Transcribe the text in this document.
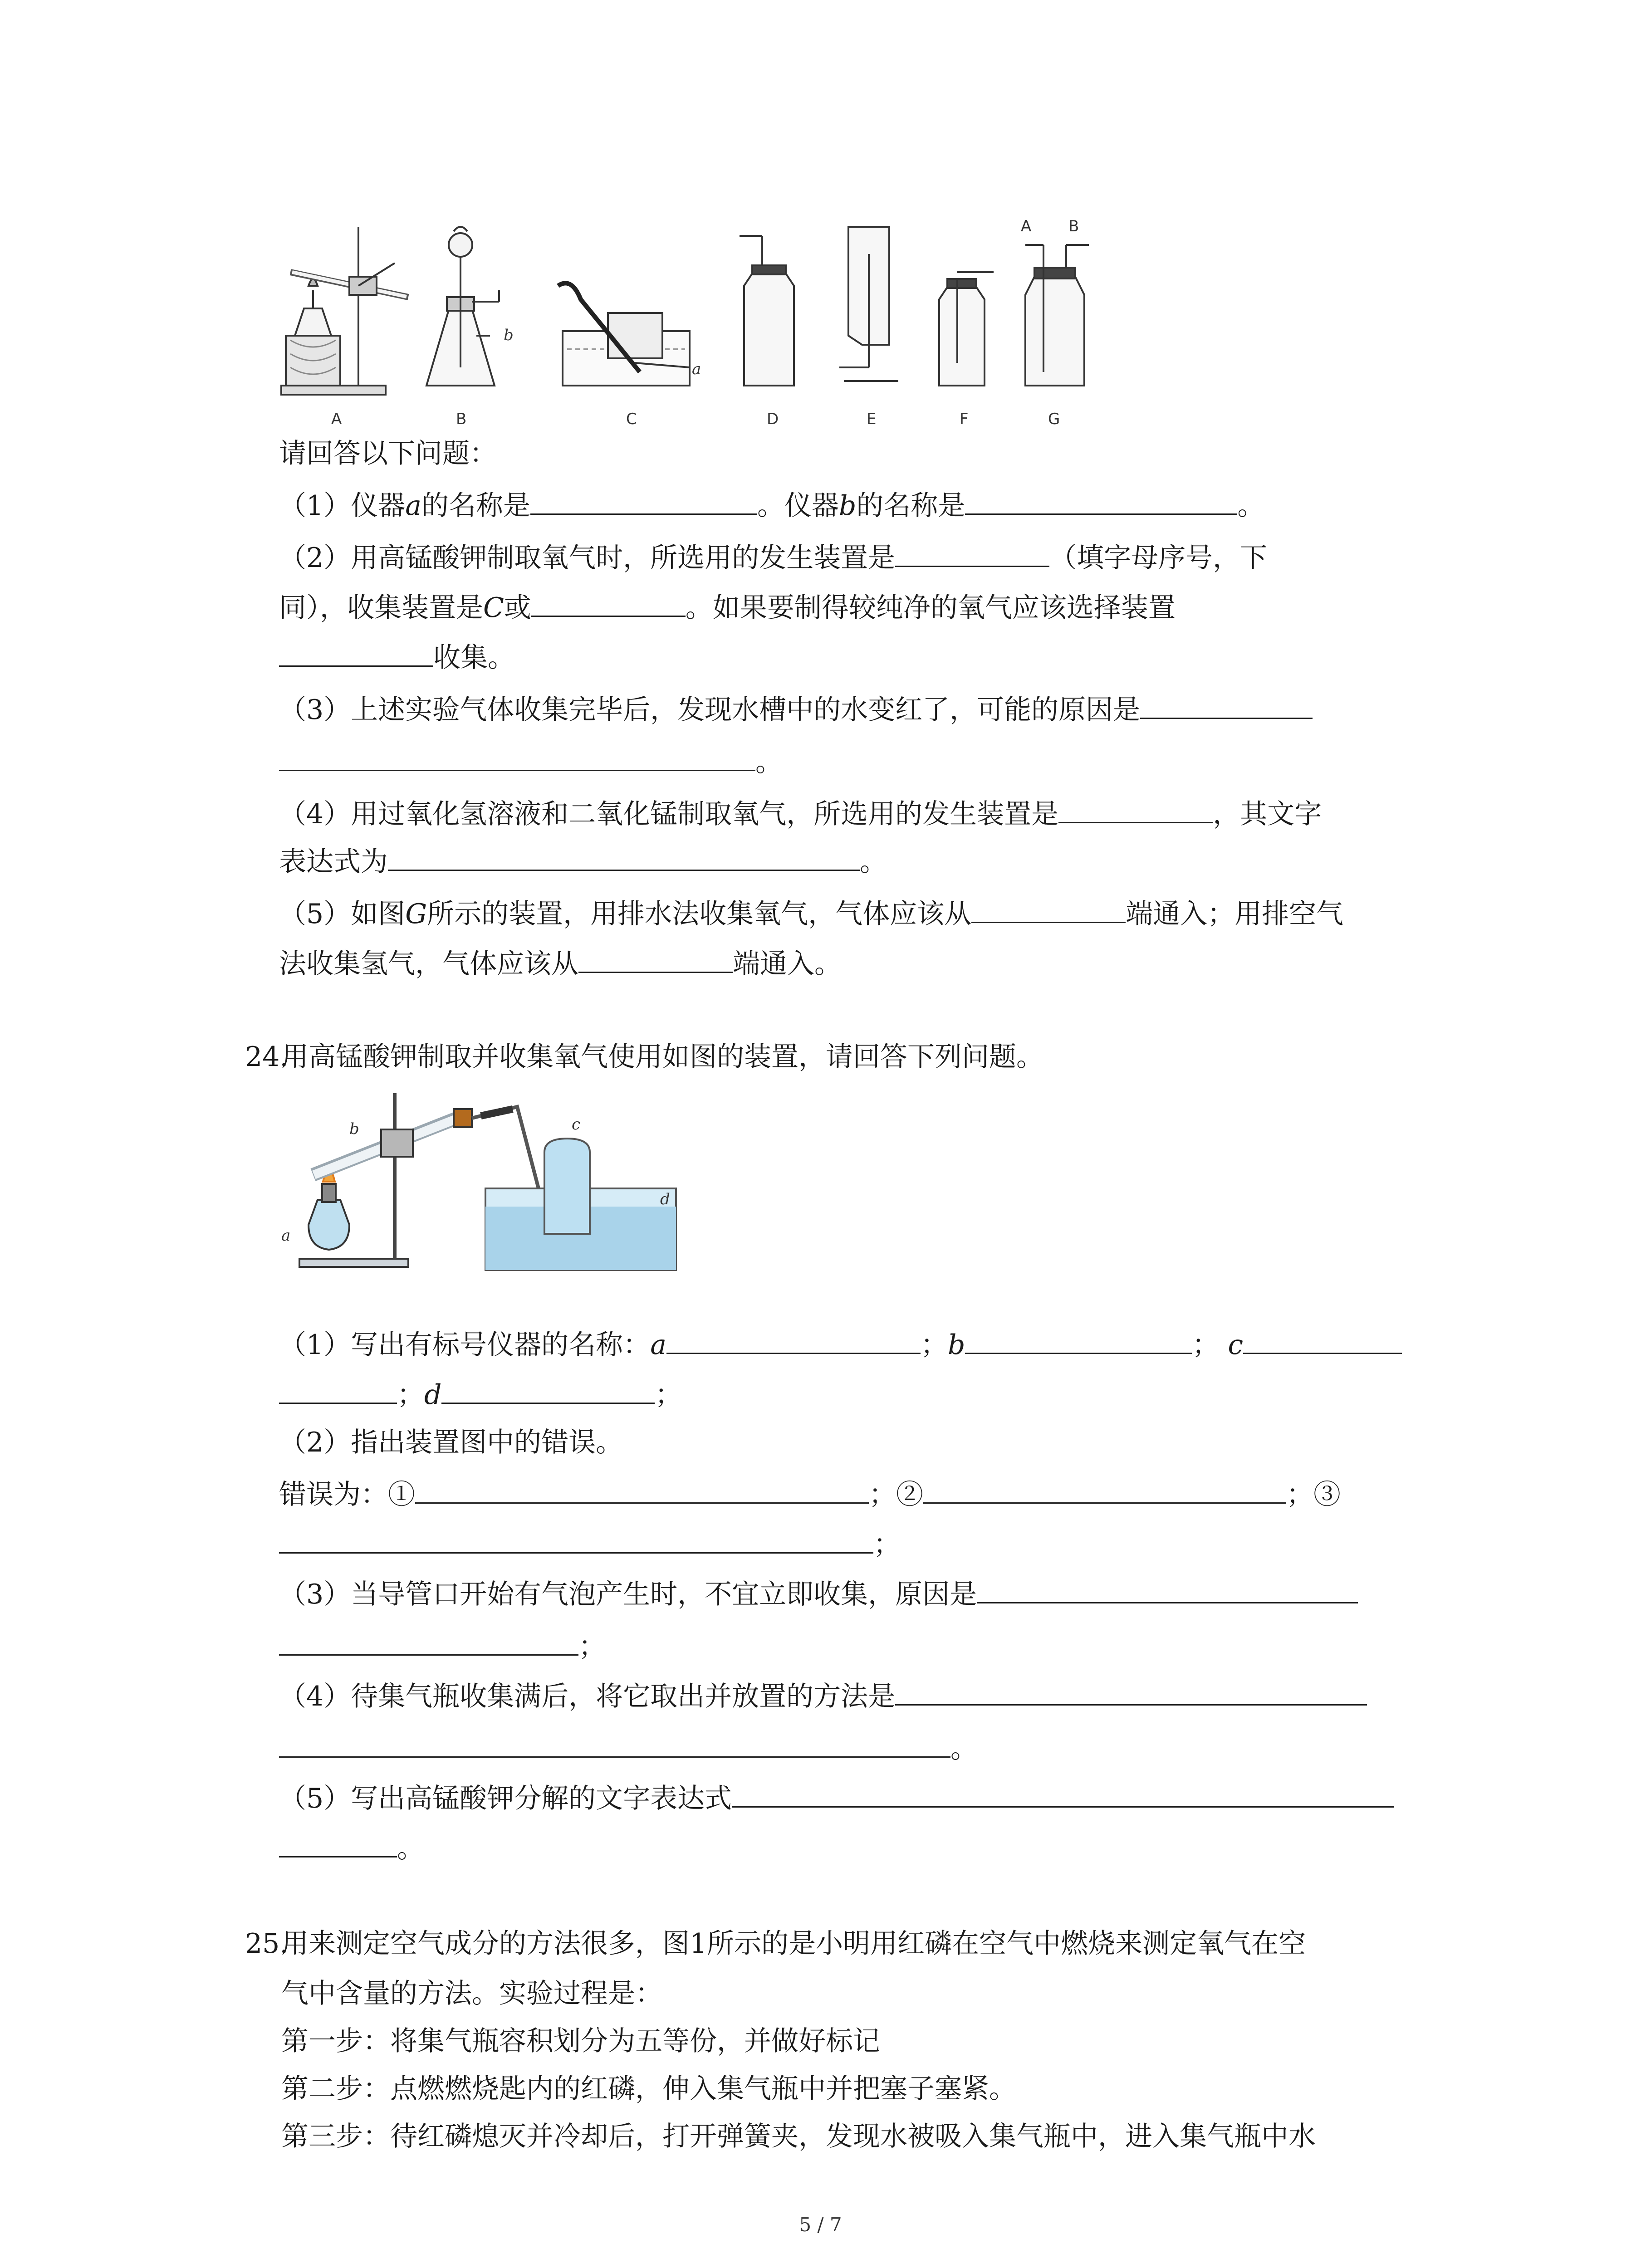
A	B	C	D	E	F	G
a
b
A B
请回答以下问题：
（1）仪器a的名称是	。仪器b的名称是	。
（2）用高锰酸钾制取氧气时，所选用的发生装置是	（填字母序号，下
同），收集装置是C或	。如果要制得较纯净的氧气应该选择装置
收集。
（3）上述实验气体收集完毕后，发现水槽中的水变红了，可能的原因是
。
（4）用过氧化氢溶液和二氧化锰制取氧气，所选用的发生装置是	，其文字
表达式为	。
（5）如图G所示的装置，用排水法收集氧气，气体应该从	端通入；用排空气
法收集氢气，气体应该从	端通入。
24.用高锰酸钾制取并收集氧气使用如图的装置，请回答下列问题。
a
b	c
d
（1）写出有标号仪器的名称：a	；b	； c
；d	；
（2）指出装置图中的错误。
错误为：①	；②	；③
；
（3）当导管口开始有气泡产生时，不宜立即收集，原因是
；
（4）待集气瓶收集满后，将它取出并放置的方法是
。
（5）写出高锰酸钾分解的文字表达式
。
25.用来测定空气成分的方法很多，图1所示的是小明用红磷在空气中燃烧来测定氧气在空
气中含量的方法。实验过程是：
第一步：将集气瓶容积划分为五等份，并做好标记
第二步：点燃燃烧匙内的红磷，伸入集气瓶中并把塞子塞紧。
第三步：待红磷熄灭并冷却后，打开弹簧夹，发现水被吸入集气瓶中，进入集气瓶中水
5 / 7
